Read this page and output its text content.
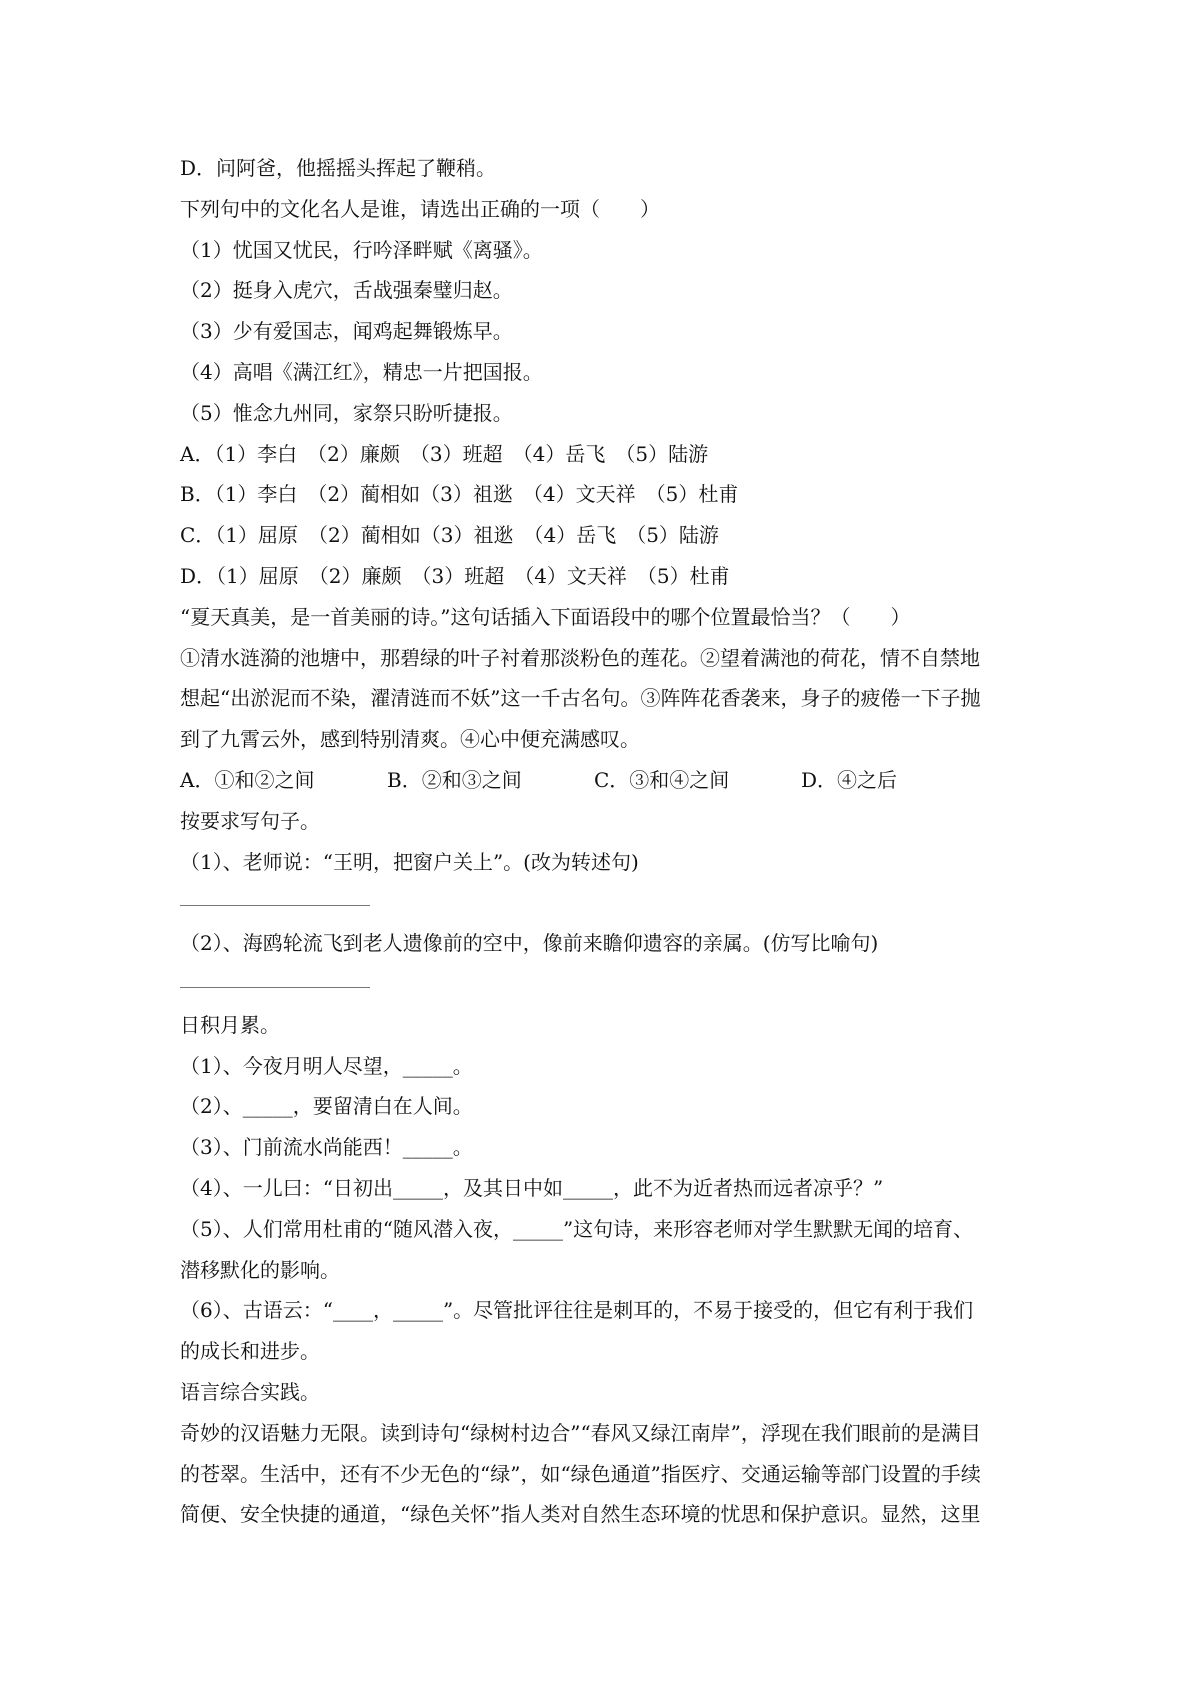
D．问阿爸，他摇摇头挥起了鞭稍。
下列句中的文化名人是谁，请选出正确的一项（　　）
（1）忧国又忧民，行吟泽畔赋《离骚》。
（2）挺身入虎穴，舌战强秦璧归赵。
（3）少有爱国志，闻鸡起舞锻炼早。
（4）高唱《满江红》，精忠一片把国报。
（5）惟念九州同，家祭只盼听捷报。
A．（1）李白　（2）廉颇　（3）班超　（4）岳飞　（5）陆游
B．（1）李白　（2）蔺相如（3）祖逖　（4）文天祥　（5）杜甫
C．（1）屈原　（2）蔺相如（3）祖逖　（4）岳飞　（5）陆游
D．（1）屈原　（2）廉颇　（3）班超　（4）文天祥　（5）杜甫
“夏天真美，是一首美丽的诗。”这句话插入下面语段中的哪个位置最恰当？（　　）
①清水涟漪的池塘中，那碧绿的叶子衬着那淡粉色的莲花。②望着满池的荷花，情不自禁地
想起“出淤泥而不染，濯清涟而不妖”这一千古名句。③阵阵花香袭来，身子的疲倦一下子抛
到了九霄云外，感到特别清爽。④心中便充满感叹。
A．①和②之间	B．②和③之间	C．③和④之间	D．④之后
按要求写句子。
（1）、老师说：“王明，把窗户关上”。(改为转述句)
（2）、海鸥轮流飞到老人遗像前的空中，像前来瞻仰遗容的亲属。(仿写比喻句)
日积月累。
（1）、今夜月明人尽望，_____。
（2）、_____，要留清白在人间。
（3）、门前流水尚能西！_____。
（4）、一儿曰：“日初出_____，及其日中如_____，此不为近者热而远者凉乎？”
（5）、人们常用杜甫的“随风潜入夜，_____”这句诗，来形容老师对学生默默无闻的培育、
潜移默化的影响。
（6）、古语云：“____，_____”。尽管批评往往是刺耳的，不易于接受的，但它有利于我们
的成长和进步。
语言综合实践。
奇妙的汉语魅力无限。读到诗句“绿树村边合”“春风又绿江南岸”，浮现在我们眼前的是满目
的苍翠。生活中，还有不少无色的“绿”，如“绿色通道”指医疗、交通运输等部门设置的手续
简便、安全快捷的通道，“绿色关怀”指人类对自然生态环境的忧思和保护意识。显然，这里
